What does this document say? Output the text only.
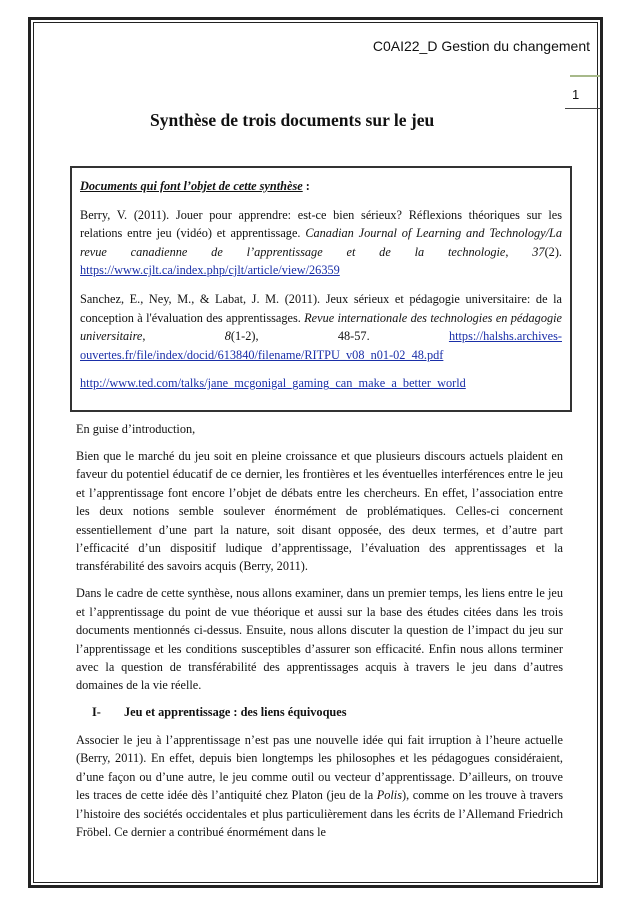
C0AI22_D Gestion du changement
1
Synthèse de trois documents sur le jeu
Documents qui font l’objet de cette synthèse :
Berry, V. (2011). Jouer pour apprendre: est-ce bien sérieux? Réflexions théoriques sur les relations entre jeu (vidéo) et apprentissage. Canadian Journal of Learning and Technology/La revue canadienne de l’apprentissage et de la technologie, 37(2). https://www.cjlt.ca/index.php/cjlt/article/view/26359
Sanchez, E., Ney, M., & Labat, J. M. (2011). Jeux sérieux et pédagogie universitaire: de la conception à l'évaluation des apprentissages. Revue internationale des technologies en pédagogie universitaire, 8(1-2), 48-57. https://halshs.archives-ouvertes.fr/file/index/docid/613840/filename/RITPU_v08_n01-02_48.pdf
http://www.ted.com/talks/jane_mcgonigal_gaming_can_make_a_better_world

En guise d’introduction,

Bien que le marché du jeu soit en pleine croissance et que plusieurs discours actuels plaident en faveur du potentiel éducatif de ce dernier, les frontières et les éventuelles interférences entre le jeu et l’apprentissage font encore l’objet de débats entre les chercheurs. En effet, l’association entre les deux notions semble soulever énormément de problématiques. Celles-ci concernent essentiellement d’une part la nature, soit disant opposée, des deux termes, et d’autre part l’efficacité d’un dispositif ludique d’apprentissage, l’évaluation des apprentissages et la transférabilité des savoirs acquis (Berry, 2011).

Dans le cadre de cette synthèse, nous allons examiner, dans un premier temps, les liens entre le jeu et l’apprentissage du point de vue théorique et aussi sur la base des études citées dans les trois documents mentionnés ci-dessus. Ensuite, nous allons discuter la question de l’impact du jeu sur l’apprentissage et les conditions susceptibles d’assurer son efficacité. Enfin nous allons terminer avec la question de transférabilité des apprentissages acquis à travers le jeu dans d’autres domaines de la vie réelle.

I- Jeu et apprentissage : des liens équivoques

Associer le jeu à l’apprentissage n’est pas une nouvelle idée qui fait irruption à l’heure actuelle (Berry, 2011). En effet, depuis bien longtemps les philosophes et les pédagogues considéraient, d’une façon ou d’une autre, le jeu comme outil ou vecteur d’apprentissage. D’ailleurs, on trouve les traces de cette idée dès l’antiquité chez Platon (jeu de la Polis), comme on les trouve à travers l’histoire des sociétés occidentales et plus particulièrement dans les écrits de l’Allemand Friedrich Fröbel. Ce dernier a contribué énormément dans le
